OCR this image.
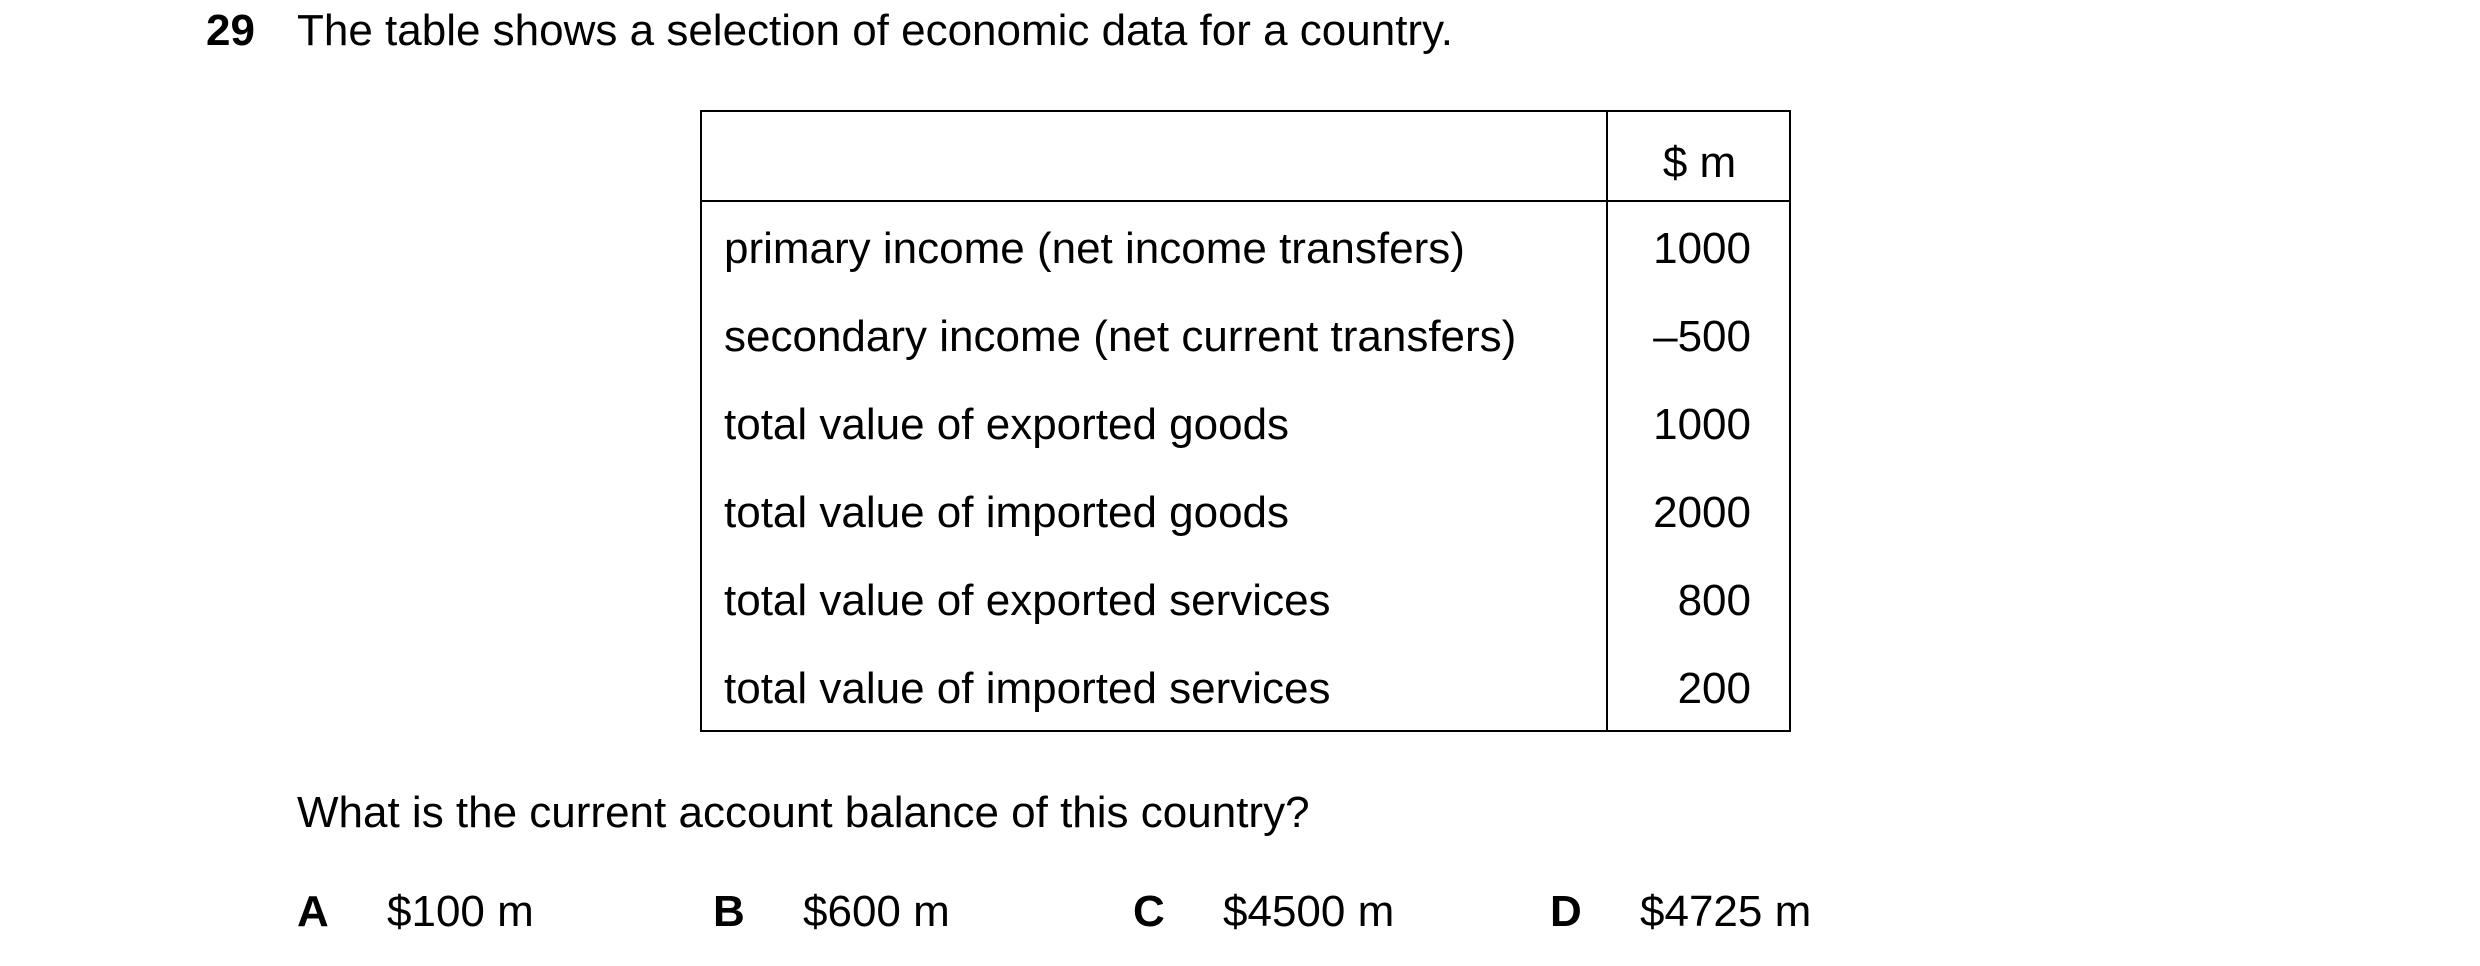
29 The table shows a selection of economic data for a country.
$ m
primary income (net income transfers)	1000
secondary income (net current transfers)	–500
total value of exported goods	1000
total value of imported goods	2000
total value of exported services	800
total value of imported services	200
What is the current account balance of this country?
A $100 m	B $600 m	C $4500 m	D $4725 m
